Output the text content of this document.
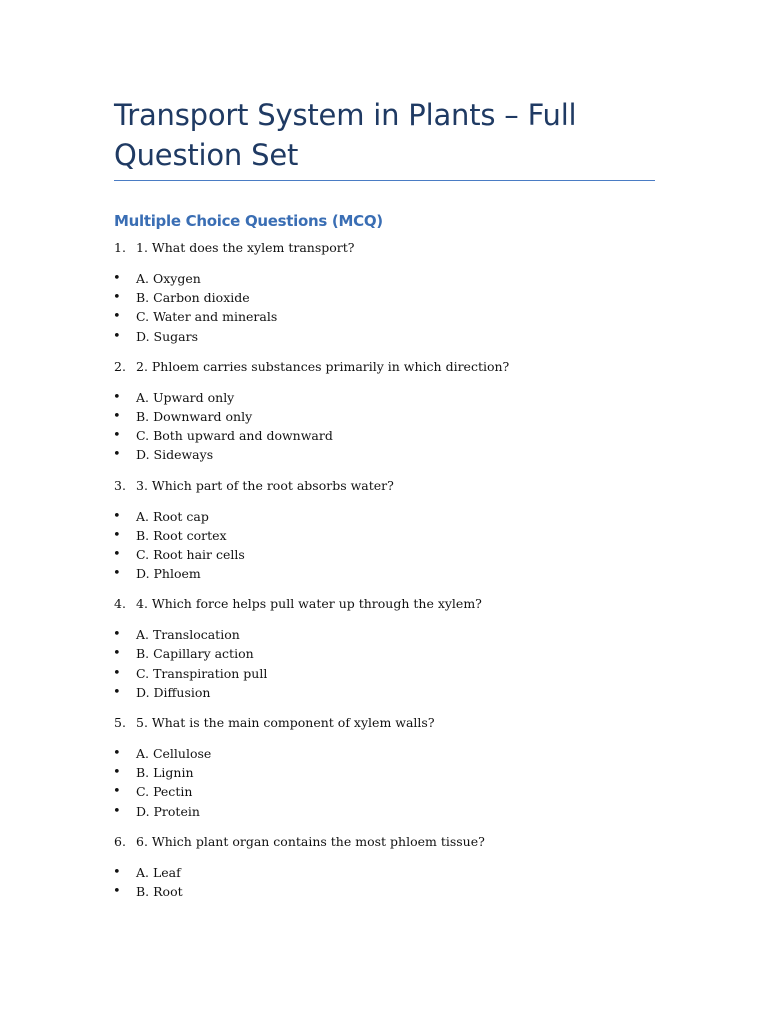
Transport System in Plants – Full Question Set
Multiple Choice Questions (MCQ)
1. 1. What does the xylem transport?
• A. Oxygen
• B. Carbon dioxide
• C. Water and minerals
• D. Sugars
2. 2. Phloem carries substances primarily in which direction?
• A. Upward only
• B. Downward only
• C. Both upward and downward
• D. Sideways
3. 3. Which part of the root absorbs water?
• A. Root cap
• B. Root cortex
• C. Root hair cells
• D. Phloem
4. 4. Which force helps pull water up through the xylem?
• A. Translocation
• B. Capillary action
• C. Transpiration pull
• D. Diffusion
5. 5. What is the main component of xylem walls?
• A. Cellulose
• B. Lignin
• C. Pectin
• D. Protein
6. 6. Which plant organ contains the most phloem tissue?
• A. Leaf
• B. Root
